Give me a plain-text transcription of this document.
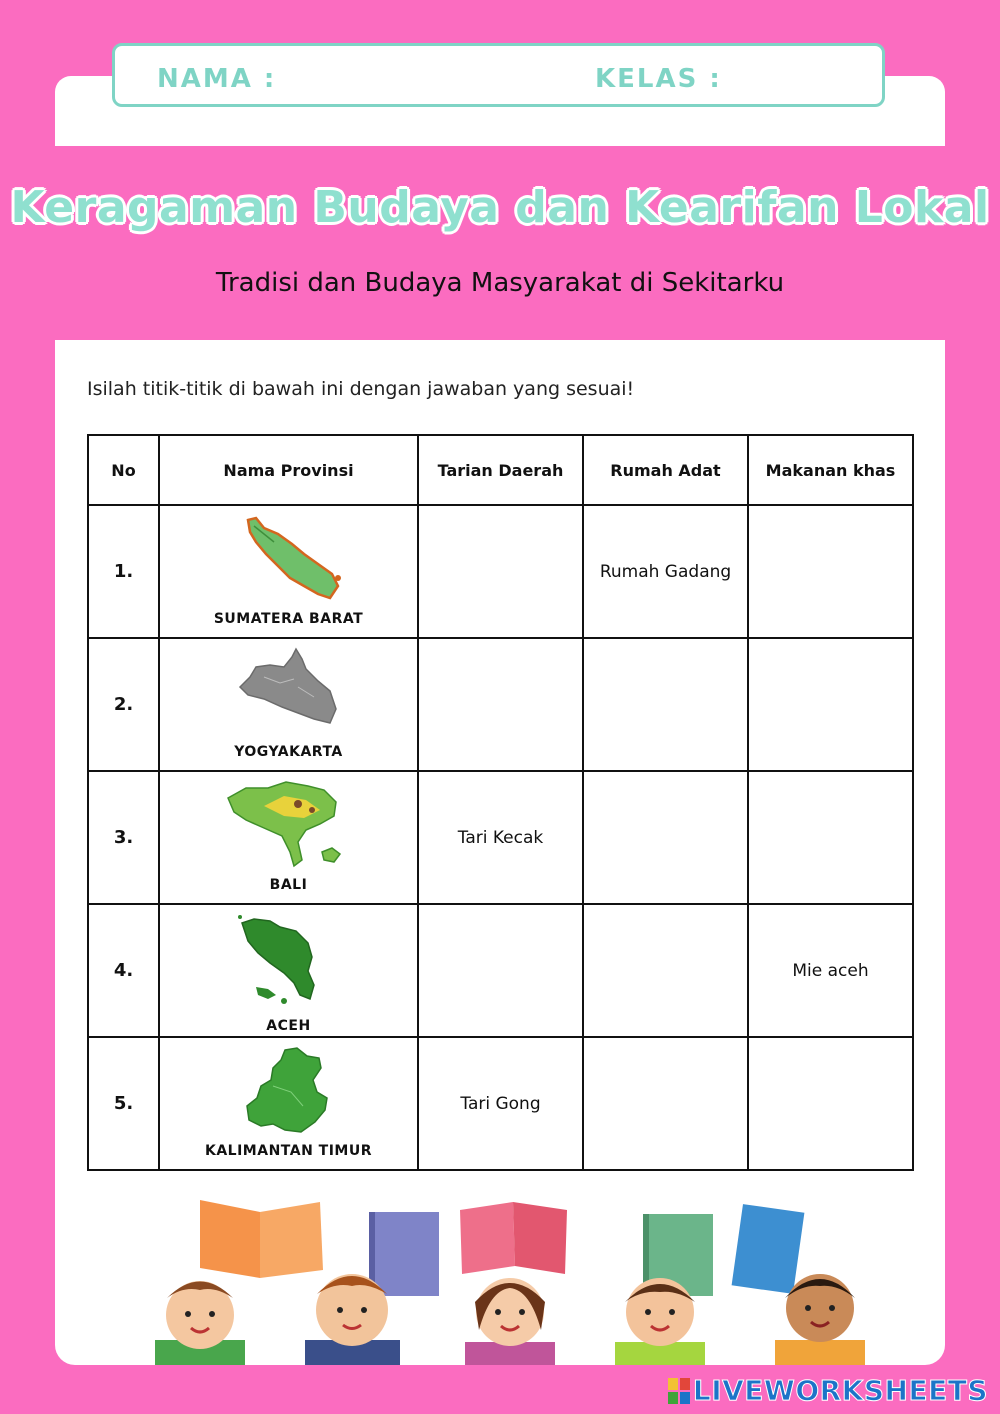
NAMA :	KELAS :
Keragaman Budaya dan Kearifan Lokal
Tradisi dan Budaya Masyarakat di Sekitarku
Isilah titik-titik di bawah ini dengan jawaban yang sesuai!
No	Nama Provinsi	Tarian Daerah	Rumah Adat	Makanan khas
1.	SUMATERA BARAT		Rumah Gadang	
2.	YOGYAKARTA			

3.	BALI	Tari Kecak		
4.	ACEH			Mie aceh
5.	KALIMANTAN TIMUR	Tari Gong		
LIVEWORKSHEETS
